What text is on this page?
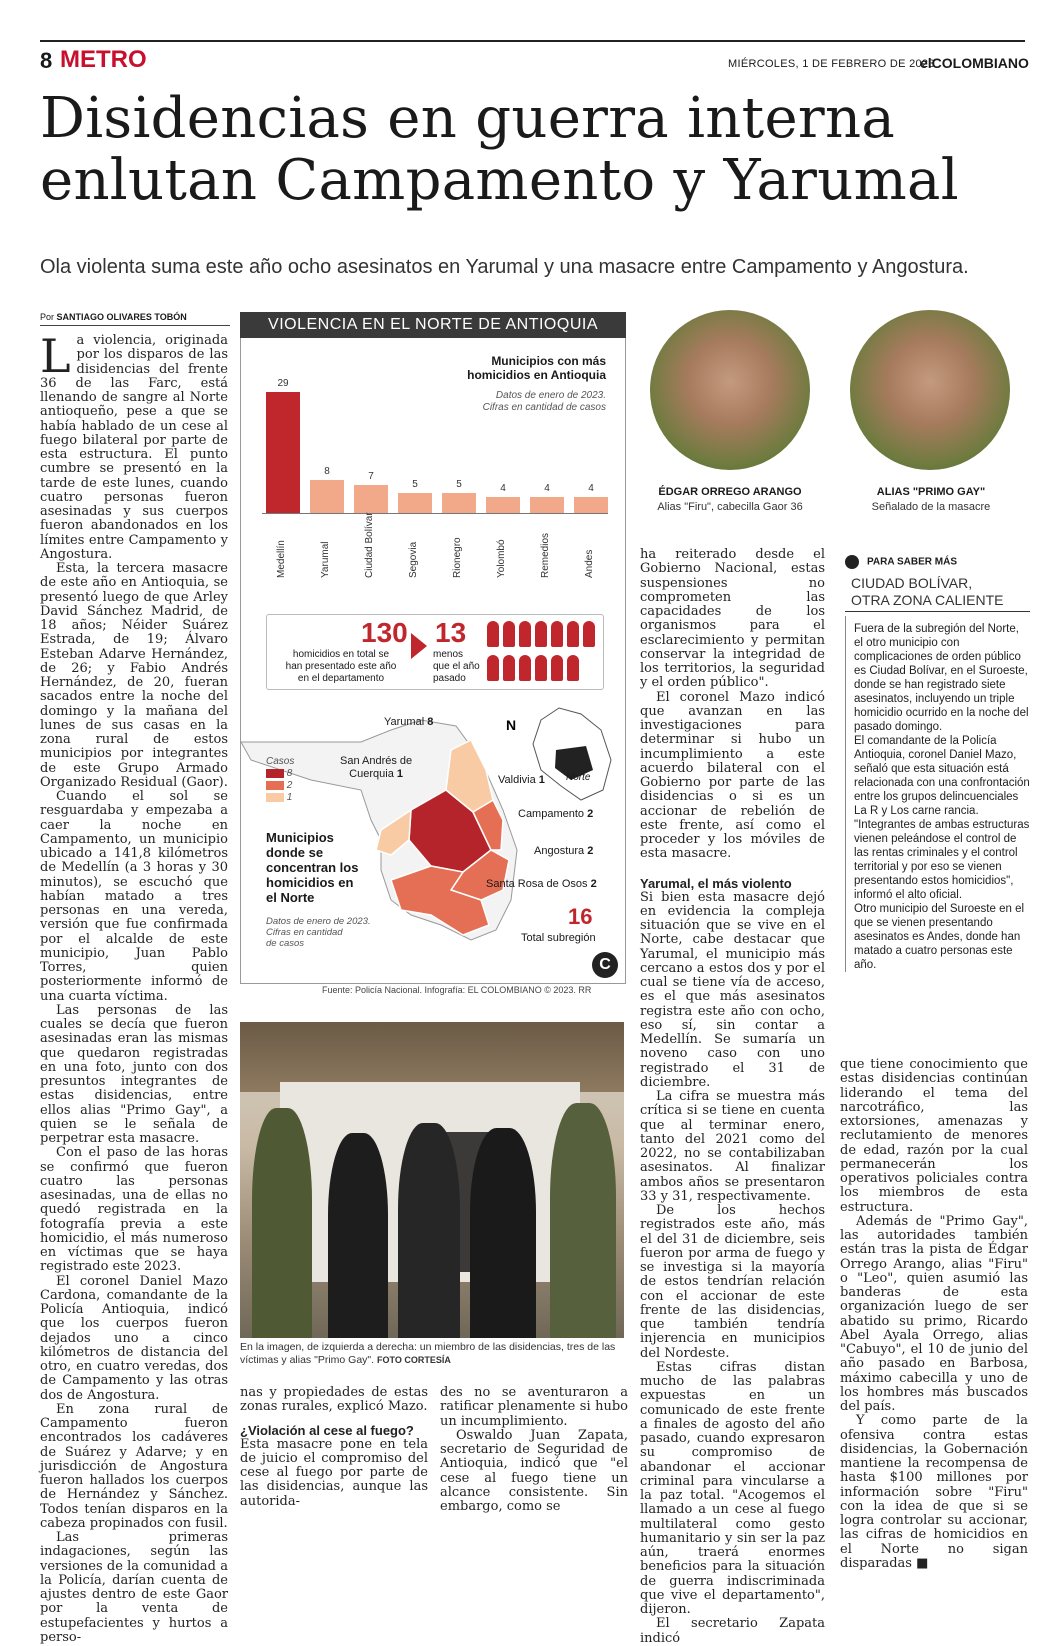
8 METRO	MIÉRCOLES, 1 DE FEBRERO DE 2023
elCOLOMBIANO
Disidencias en guerra interna
enlutan Campamento y Yarumal
Ola violenta suma este año ocho asesinatos en Yarumal y una masacre entre Campamento y Angostura.
Por SANTIAGO OLIVARES TOBÓN

La violencia, originada por los disparos de las disidencias del frente 36 de las Farc, está llenando de sangre al Norte antioqueño, pese a que se había hablado de un cese al fuego bilateral por parte de esta estructura. El punto cumbre se presentó en la tarde de este lunes, cuando cuatro personas fueron asesinadas y sus cuerpos fueron abandonados en los límites entre Campamento y Angostura.

Esta, la tercera masacre de este año en Antioquia, se presentó luego de que Arley David Sánchez Madrid, de 18 años; Néider Suárez Estrada, de 19; Álvaro Esteban Adarve Hernández, de 26; y Fabio Andrés Hernández, de 20, fueran sacados entre la noche del domingo y la mañana del lunes de sus casas en la zona rural de estos municipios por integrantes de este Grupo Armado Organizado Residual (Gaor).

Cuando el sol se resguardaba y empezaba a caer la noche en Campamento, un municipio ubicado a 141,8 kilómetros de Medellín (a 3 horas y 30 minutos), se escuchó que habían matado a tres personas en una vereda, versión que fue confirmada por el alcalde de este municipio, Juan Pablo Torres, quien posteriormente informó de una cuarta víctima.

Las personas de las cuales se decía que fueron asesinadas eran las mismas que quedaron registradas en una foto, junto con dos presuntos integrantes de estas disidencias, entre ellos alias "Primo Gay", a quien se le señala de perpetrar esta masacre.

Con el paso de las horas se confirmó que fueron cuatro las personas asesinadas, una de ellas no quedó registrada en la fotografía previa a este homicidio, el más numeroso en víctimas que se haya registrado este 2023.

El coronel Daniel Mazo Cardona, comandante de la Policía Antioquia, indicó que los cuerpos fueron dejados uno a cinco kilómetros de distancia del otro, en cuatro veredas, dos de Campamento y las otras dos de Angostura.

En zona rural de Campamento fueron encontrados los cadáveres de Suárez y Adarve; y en jurisdicción de Angostura fueron hallados los cuerpos de Hernández y Sánchez. Todos tenían disparos en la cabeza propinados con fusil.

Las primeras indagaciones, según las versiones de la comunidad a la Policía, darían cuenta de ajustes dentro de este Gaor por la venta de estupefacientes y hurtos a perso-

VIOLENCIA EN EL NORTE DE ANTIOQUIA
Municipios con más
homicidios en Antioquia
Datos de enero de 2023.
Cifras en cantidad de casos
29
8	7
5	5	4	4	4
Medellín	Yarumal	Ciudad Bolívar	Segovia	Rionegro	Yolombó	Remedios	Andes
130
homicidios en total se
han presentado este año
en el departamento
13
menos
que el año
pasado
N
Casos
8
2
1
Municipios
donde se
concentran los
homicidios en
el Norte
Datos de enero de 2023.
Cifras en cantidad
de casos
Yarumal 8
Valdivia 1
San Andrés de
Cuerquia 1
Campamento 2
Angostura 2
Santa Rosa de Osos 2
Norte
16
Total subregión
C
Fuente: Policía Nacional. Infografía: EL COLOMBIANO © 2023. RR
En la imagen, de izquierda a derecha: un miembro de las disidencias, tres de las víctimas y alias "Primo Gay". FOTO CORTESÍA

nas y propiedades de estas zonas rurales, explicó Mazo.

¿Violación al cese al fuego?

Esta masacre pone en tela de juicio el compromiso del cese al fuego por parte de las disidencias, aunque las autorida-

des no se aventuraron a ratificar plenamente si hubo un incumplimiento.

Oswaldo Juan Zapata, secretario de Seguridad de Antioquia, indicó que "el cese al fuego tiene un alcance consistente. Sin embargo, como se

ÉDGAR ORREGO ARANGO
Alias "Firu", cabecilla Gaor 36
ALIAS "PRIMO GAY"
Señalado de la masacre

ha reiterado desde el Gobierno Nacional, estas suspensiones no comprometen las capacidades de los organismos para el esclarecimiento y permitan conservar la integridad de los territorios, la seguridad y el orden público".

El coronel Mazo indicó que avanzan en las investigaciones para determinar si hubo un incumplimiento a este acuerdo bilateral con el Gobierno por parte de las disidencias o si es un accionar de rebelión de este frente, así como el proceder y los móviles de esta masacre.

Yarumal, el más violento

Si bien esta masacre dejó en evidencia la compleja situación que se vive en el Norte, cabe destacar que Yarumal, el municipio más cercano a estos dos y por el cual se tiene vía de acceso, es el que más asesinatos registra este año con ocho, eso sí, sin contar a Medellín. Se sumaría un noveno caso con uno registrado el 31 de diciembre.

La cifra se muestra más crítica si se tiene en cuenta que al terminar enero, tanto del 2021 como del 2022, no se contabilizaban asesinatos. Al finalizar ambos años se presentaron 33 y 31, respectivamente.

De los hechos registrados este año, más el del 31 de diciembre, seis fueron por arma de fuego y se investiga si la mayoría de estos tendrían relación con el accionar de este frente de las disidencias, que también tendría injerencia en municipios del Nordeste.

Estas cifras distan mucho de las palabras expuestas en un comunicado de este frente a finales de agosto del año pasado, cuando expresaron su compromiso de abandonar el accionar criminal para vincularse a la paz total. "Acogemos el llamado a un cese al fuego multilateral como gesto humanitario y sin ser la paz aún, traerá enormes beneficios para la situación de guerra indiscriminada que vive el departamento", dijeron.

El secretario Zapata indicó

PARA SABER MÁS
CIUDAD BOLÍVAR,
OTRA ZONA CALIENTE

Fuera de la subregión del Norte, el otro municipio con complicaciones de orden público es Ciudad Bolívar, en el Suroeste, donde se han registrado siete asesinatos, incluyendo un triple homicidio ocurrido en la noche del pasado domingo.

El comandante de la Policía Antioquia, coronel Daniel Mazo, señaló que esta situación está relacionada con una confrontación entre los grupos delincuenciales La R y Los carne rancia.

"Integrantes de ambas estructuras vienen peleándose el control de las rentas criminales y el control territorial y por eso se vienen presentando estos homicidios", informó el alto oficial.

Otro municipio del Suroeste en el que se vienen presentando asesinatos es Andes, donde han matado a cuatro personas este año.

que tiene conocimiento que estas disidencias continúan liderando el tema del narcotráfico, las extorsiones, amenazas y reclutamiento de menores de edad, razón por la cual permanecerán los operativos policiales contra los miembros de esta estructura.

Además de "Primo Gay", las autoridades también están tras la pista de Édgar Orrego Arango, alias "Firu" o "Leo", quien asumió las banderas de esta organización luego de ser abatido su primo, Ricardo Abel Ayala Orrego, alias "Cabuyo", el 10 de junio del año pasado en Barbosa, máximo cabecilla y uno de los hombres más buscados del país.

Y como parte de la ofensiva contra estas disidencias, la Gobernación mantiene la recompensa de hasta $100 millones por información sobre "Firu" con la idea de que si se logra controlar su accionar, las cifras de homicidios en el Norte no sigan disparadas ■
